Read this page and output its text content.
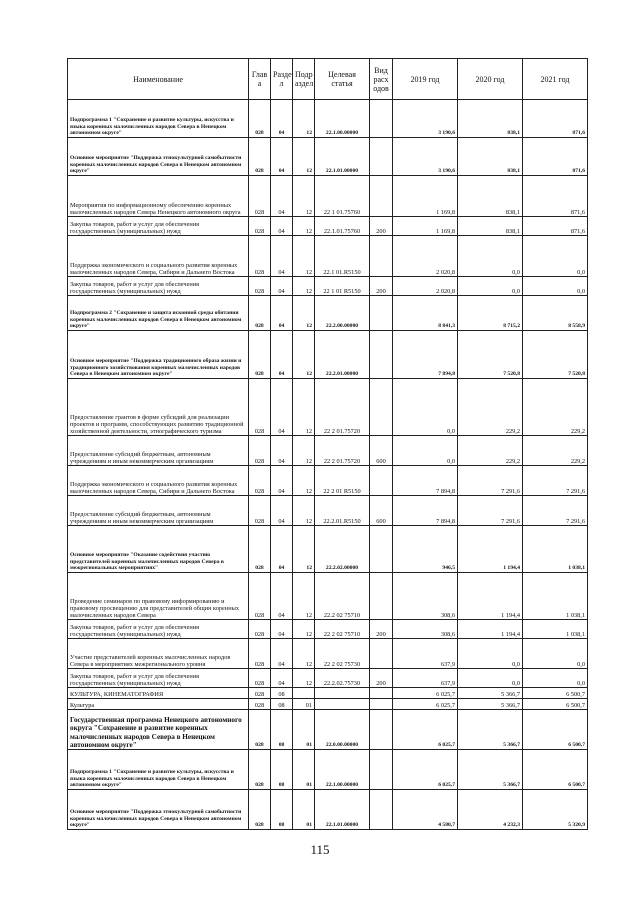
Наименование	Глав а	Разде л	Подр аздел	Целевая статья	Вид расх одов	2019 год	2020 год	2021 год
Подпрограмма 1 "Сохранение и развитие культуры, искусства и языка коренных малочисленных народов Севера в Ненецком автономном округе"	028	04	12	22.1.00.00000		3 190,6	838,1	871,6
Основное мероприятие "Поддержка этнокультурной самобытности коренных малочисленных народов Севера в Ненецком автономном округе"	028	04	12	22.1.01.00000		3 190,6	838,1	871,6
Мероприятия по информационному обеспечению коренных малочисленных народов Севера Ненецкого автономного округа	028	04	12	22 1 01.75760		1 169,8	838,1	871,6
Закупка товаров, работ и услуг для обеспечения государственных (муниципальных) нужд	028	04	12	22.1.01.75760	200	1 169,8	838,1	871,6
Поддержка экономического и социального развития коренных малочисленных народов Севера, Сибири и Дальнего Востока	028	04	12	22.1 01.R5150		2 020,8	0,0	0,0
Закупка товаров, работ и услуг для обеспечения государственных (муниципальных) нужд	028	04	12	22 1 01 R5150	200	2 020,8	0,0	0,0
Подпрограмма 2 "Сохранение и защита исконной среды обитания коренных малочисленных народов Севера в Ненецком автономном округе"	028	04	12	22.2.00.00000		8 841,3	8 715,2	8 558,9
Основное мероприятие "Поддержка традиционного образа жизни и традиционного хозяйствования коренных малочисленных народов Севера в Ненецком автономном округе"	028	04	12	22.2.01.00000		7 894,8	7 520,8	7 520,8
Предоставление грантов в форме субсидий для реализации проектов и программ, способствующих развитию традиционной хозяйственной деятельности, этнографического туризма	028	04	12	22 2 01.75720		0,0	229,2	229,2
Предоставление субсидий бюджетным, автономным учреждениям и иным некоммерческим организациям	028	04	12	22 2 01.75720	600	0,0	229,2	229,2
Поддержка экономического и социального развития коренных малочисленных народов Севера, Сибири и Дальнего Востока	028	04	12	22 2 01 R5150		7 894,8	7 291,6	7 291,6
Предоставление субсидий бюджетным, автономным учреждениям и иным некоммерческим организациям	028	04	12	22.2.01.R5150	600	7 894,8	7 291,6	7 291,6
Основное мероприятие "Оказание содействия участию представителей коренных малочисленных народов Севера в межрегиональных мероприятиях"	028	04	12	22.2.02.00000		946,5	1 194,4	1 038,1
Проведение семинаров по правовому информированию и правовому просвещению для представителей общин коренных малочисленных народов Севера	028	04	12	22.2 02 75710		308,6	1 194,4	1 038,1
Закупка товаров, работ и услуг для обеспечения государственных (муниципальных) нужд	028	04	12	22 2 02 75710	200	308,6	1 194,4	1 038,1
Участие представителей коренных малочисленных народов Севера в мероприятиях межрегионального уровня	028	04	12	22 2 02 75730		637,9	0,0	0,0
Закупка товаров, работ и услуг для обеспечения государственных (муниципальных) нужд	028	04	12	22.2.02.75730	200	637,9	0,0	0,0
КУЛЬТУРА, КИНЕМАТОГРАФИЯ	028	08				6 025,7	5 366,7	6 500,7
Культура	028	08	01			6 025,7	5 366,7	6 500,7
Государственная программа Ненецкого автономного округа "Сохранение и развитие коренных малочисленных народов Севера в Ненецком автономном округе"	028	08	01	22.0.00.00000		6 025,7	5 366,7	6 500,7
Подпрограмма 1 "Сохранение и развитие культуры, искусства и языка коренных малочисленных народов Севера в Ненецком автономном округе"	028	08	01	22.1.00.00000		6 025,7	5 366,7	6 500,7
Основное мероприятие "Поддержка этнокультурной самобытности коренных малочисленных народов Севера в Ненецком автономном округе"	028	08	01	22.1.01.00000		4 580,7	4 232,3	5 320,9
115
